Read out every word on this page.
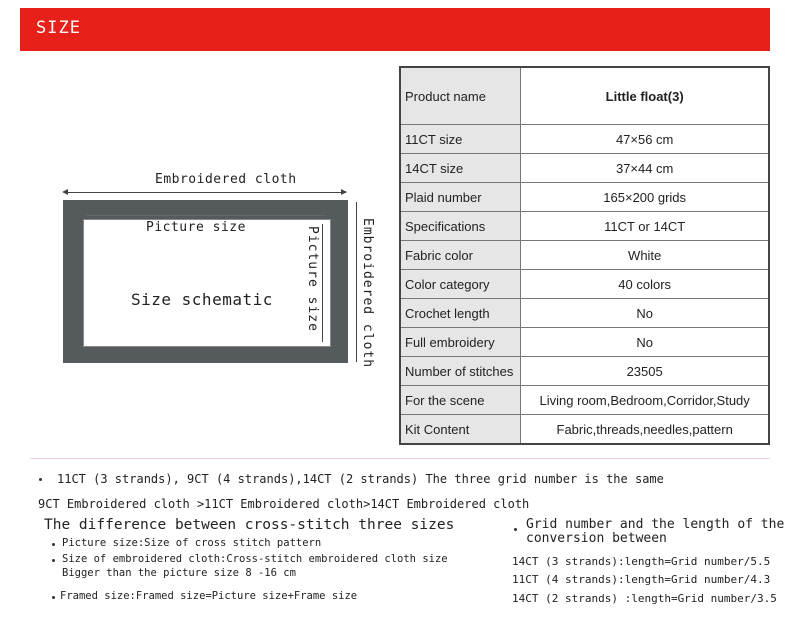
SIZE
Embroidered cloth
Picture size
Size schematic Picture size	Embroidered cloth
Product name	Little float(3)
11CT size	47×56 cm
14CT size	37×44 cm
Plaid number	165×200 grids
Specifications	11CT or 14CT
Fabric color	White
Color category	40 colors
Crochet length	No
Full embroidery	No
Number of stitches	23505
For the scene	Living room,Bedroom,Corridor,Study
Kit Content	Fabric,threads,needles,pattern
11CT (3 strands), 9CT (4 strands),14CT (2 strands) The three grid number is the same
9CT Embroidered cloth >11CT Embroidered cloth>14CT Embroidered cloth
The difference between cross-stitch three sizes
Picture size:Size of cross stitch pattern
Size of embroidered cloth:Cross-stitch embroidered cloth size
Bigger than the picture size 8 -16 cm
Framed size:Framed size=Picture size+Frame size
Grid number and the length of the
conversion between
14CT (3 strands):length=Grid number/5.5
11CT (4 strands):length=Grid number/4.3
14CT (2 strands) :length=Grid number/3.5
